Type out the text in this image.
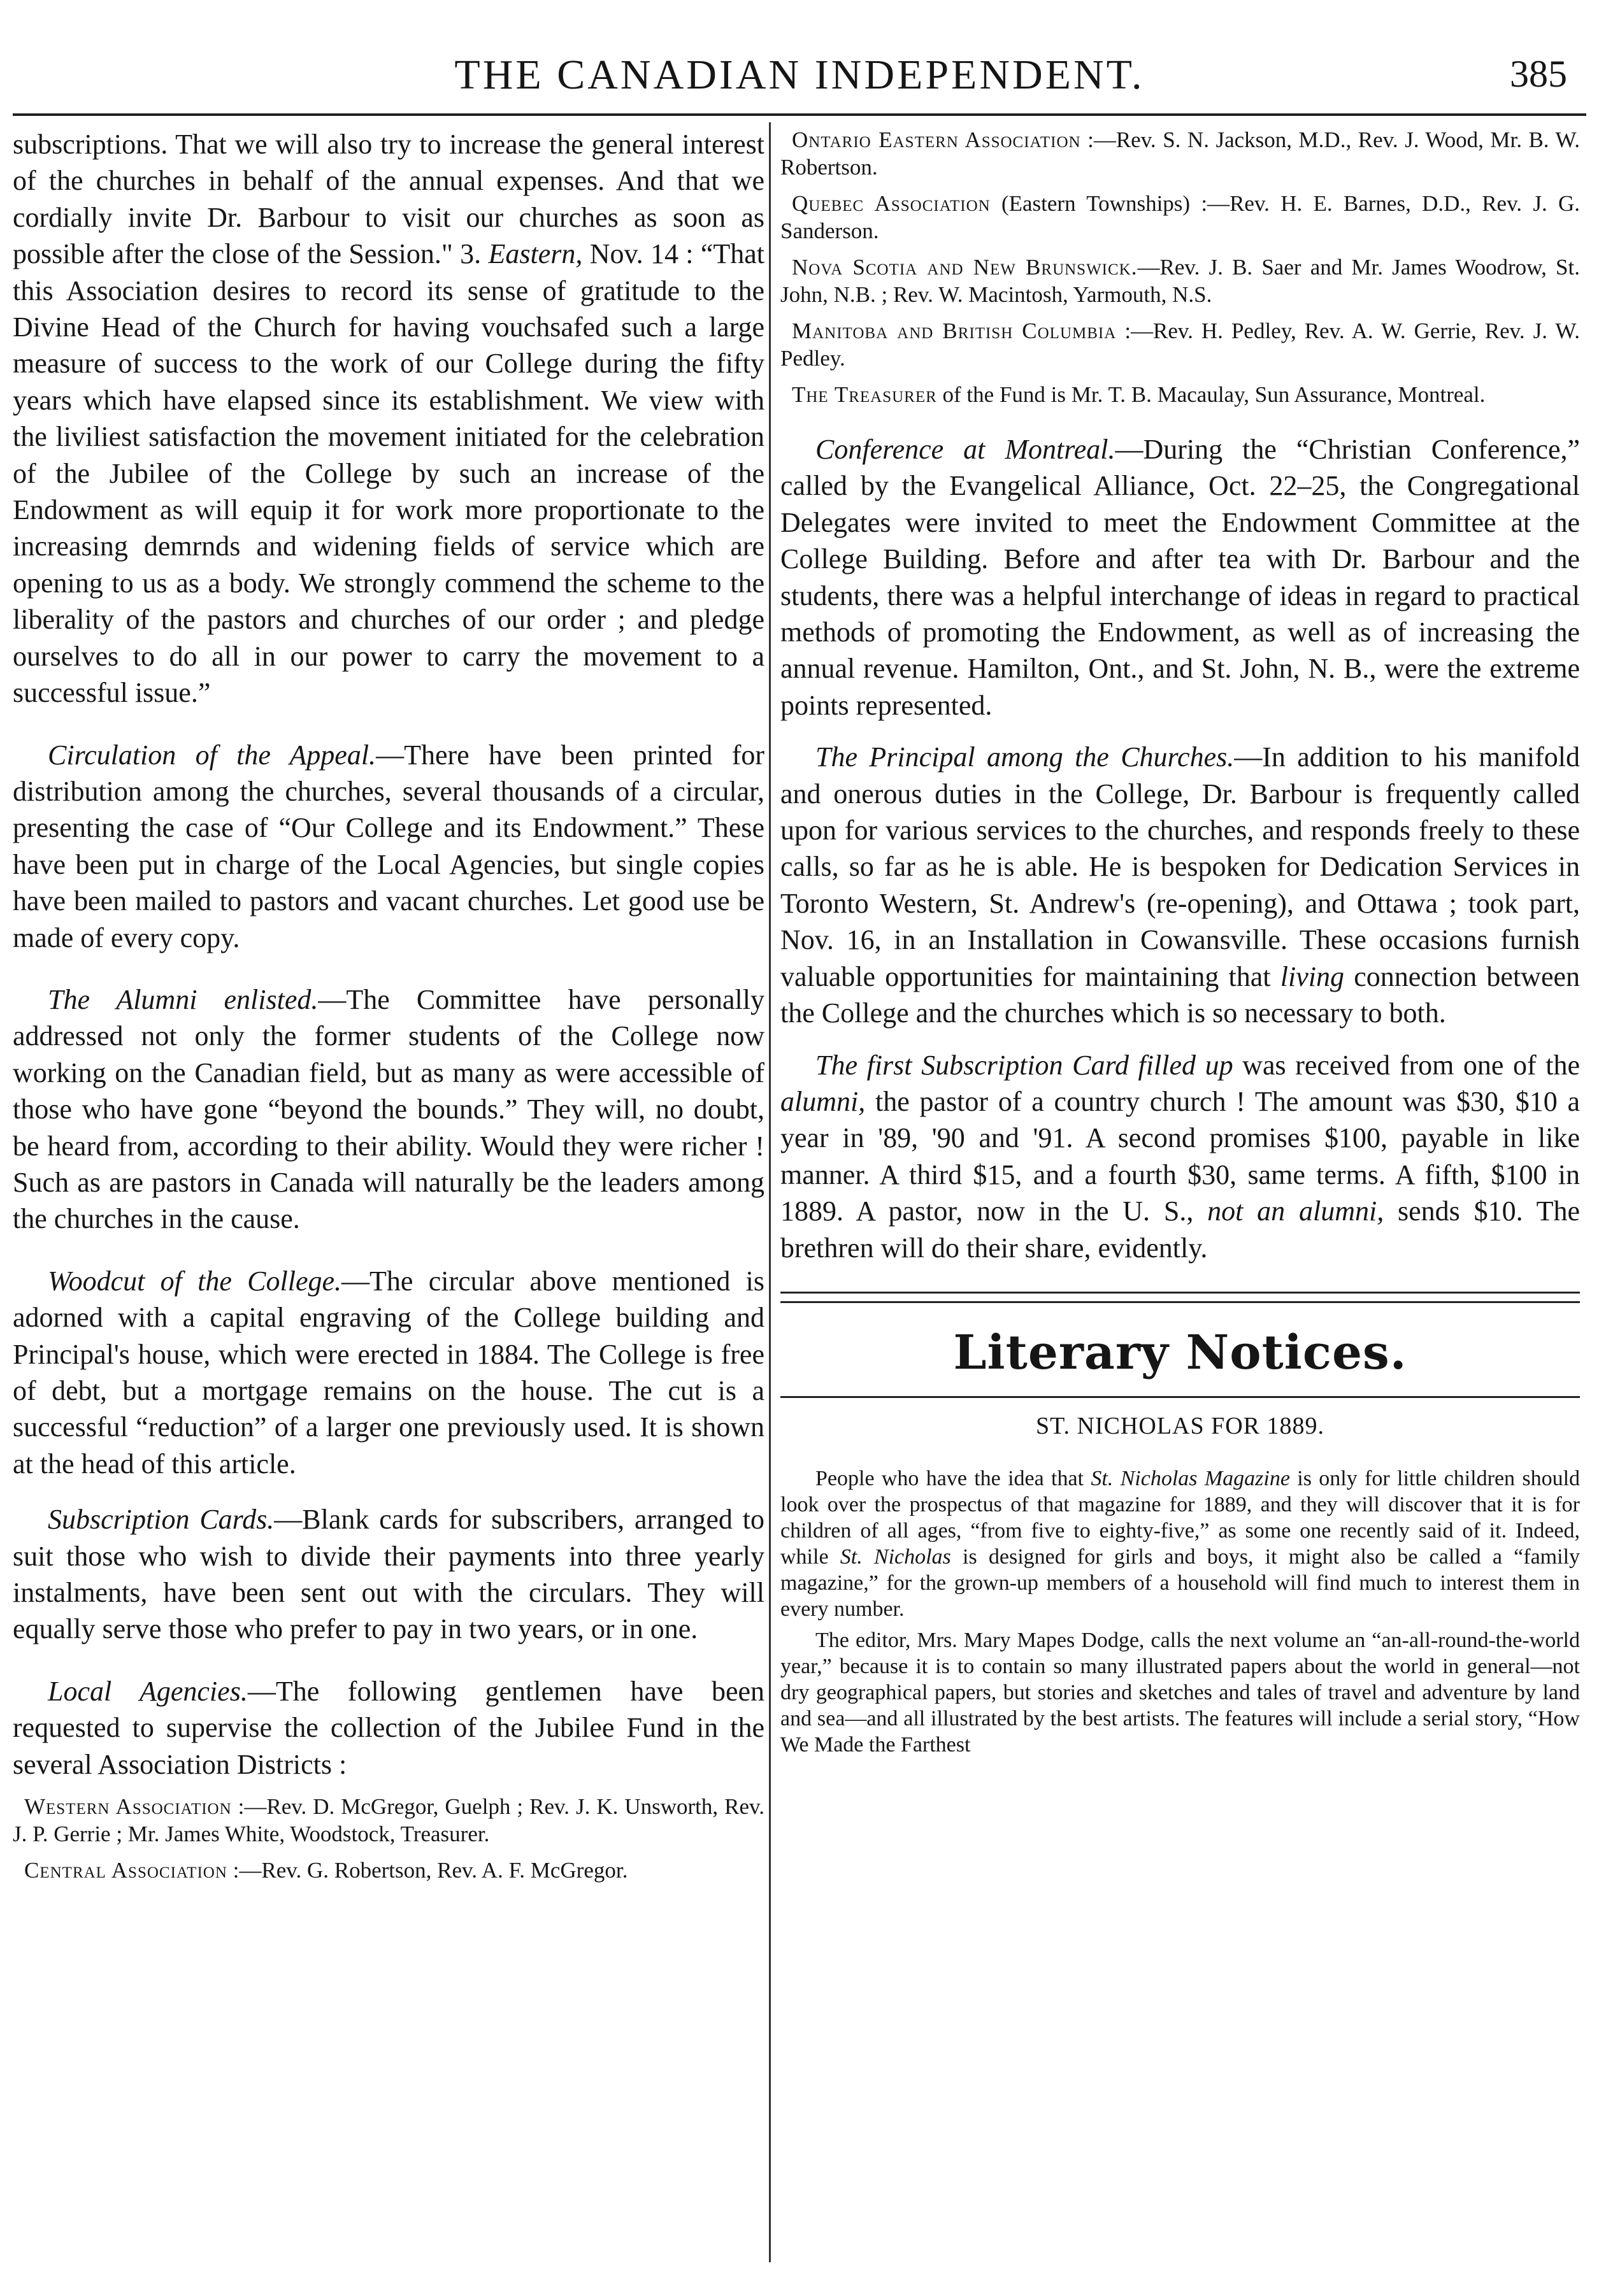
THE CANADIAN INDEPENDENT.	385

subscriptions. That we will also try to increase the general interest of the churches in behalf of the annual expenses. And that we cordially invite Dr. Barbour to visit our churches as soon as possible after the close of the Session." 3. Eastern, Nov. 14 : “That this Association desires to record its sense of gratitude to the Divine Head of the Church for having vouchsafed such a large measure of success to the work of our College during the fifty years which have elapsed since its establishment. We view with the liviliest satisfaction the movement initiated for the celebration of the Jubilee of the College by such an increase of the Endowment as will equip it for work more proportionate to the increasing demrnds and widening fields of service which are opening to us as a body. We strongly commend the scheme to the liberality of the pastors and churches of our order ; and pledge ourselves to do all in our power to carry the movement to a successful issue.”

Circulation of the Appeal.—There have been printed for distribution among the churches, several thousands of a circular, presenting the case of “Our College and its Endowment.” These have been put in charge of the Local Agencies, but single copies have been mailed to pastors and vacant churches. Let good use be made of every copy.

The Alumni enlisted.—The Committee have personally addressed not only the former students of the College now working on the Canadian field, but as many as were accessible of those who have gone “beyond the bounds.” They will, no doubt, be heard from, according to their ability. Would they were richer ! Such as are pastors in Canada will naturally be the leaders among the churches in the cause.

Woodcut of the College.—The circular above mentioned is adorned with a capital engraving of the College building and Principal's house, which were erected in 1884. The College is free of debt, but a mortgage remains on the house. The cut is a successful “reduction” of a larger one previously used. It is shown at the head of this article.

Subscription Cards.—Blank cards for subscribers, arranged to suit those who wish to divide their payments into three yearly instalments, have been sent out with the circulars. They will equally serve those who prefer to pay in two years, or in one.

Local Agencies.—The following gentlemen have been requested to supervise the collection of the Jubilee Fund in the several Association Districts :

Western Association :—Rev. D. McGregor, Guelph ; Rev. J. K. Unsworth, Rev. J. P. Gerrie ; Mr. James White, Woodstock, Treasurer.

Central Association :—Rev. G. Robertson, Rev. A. F. McGregor.

Ontario Eastern Association :—Rev. S. N. Jackson, M.D., Rev. J. Wood, Mr. B. W. Robertson.

Quebec Association (Eastern Townships) :—Rev. H. E. Barnes, D.D., Rev. J. G. Sanderson.

Nova Scotia and New Brunswick.—Rev. J. B. Saer and Mr. James Woodrow, St. John, N.B. ; Rev. W. Macintosh, Yarmouth, N.S.

Manitoba and British Columbia :—Rev. H. Pedley, Rev. A. W. Gerrie, Rev. J. W. Pedley.

The Treasurer of the Fund is Mr. T. B. Macaulay, Sun Assurance, Montreal.

Conference at Montreal.—During the “Christian Conference,” called by the Evangelical Alliance, Oct. 22–25, the Congregational Delegates were invited to meet the Endowment Committee at the College Building. Before and after tea with Dr. Barbour and the students, there was a helpful interchange of ideas in regard to practical methods of promoting the Endowment, as well as of increasing the annual revenue. Hamilton, Ont., and St. John, N. B., were the extreme points represented.

The Principal among the Churches.—In addition to his manifold and onerous duties in the College, Dr. Barbour is frequently called upon for various services to the churches, and responds freely to these calls, so far as he is able. He is bespoken for Dedication Services in Toronto Western, St. Andrew's (re-opening), and Ottawa ; took part, Nov. 16, in an Installation in Cowansville. These occasions furnish valuable opportunities for maintaining that living connection between the College and the churches which is so necessary to both.

The first Subscription Card filled up was received from one of the alumni, the pastor of a country church ! The amount was $30, $10 a year in '89, '90 and '91. A second promises $100, payable in like manner. A third $15, and a fourth $30, same terms. A fifth, $100 in 1889. A pastor, now in the U. S., not an alumni, sends $10. The brethren will do their share, evidently.

Literary Notices.
ST. NICHOLAS FOR 1889.

People who have the idea that St. Nicholas Magazine is only for little children should look over the prospectus of that magazine for 1889, and they will discover that it is for children of all ages, “from five to eighty-five,” as some one recently said of it. Indeed, while St. Nicholas is designed for girls and boys, it might also be called a “family magazine,” for the grown-up members of a household will find much to interest them in every number.

The editor, Mrs. Mary Mapes Dodge, calls the next volume an “an-all-round-the-world year,” because it is to contain so many illustrated papers about the world in general—not dry geographical papers, but stories and sketches and tales of travel and adventure by land and sea—and all illustrated by the best artists. The features will include a serial story, “How We Made the Farthest
